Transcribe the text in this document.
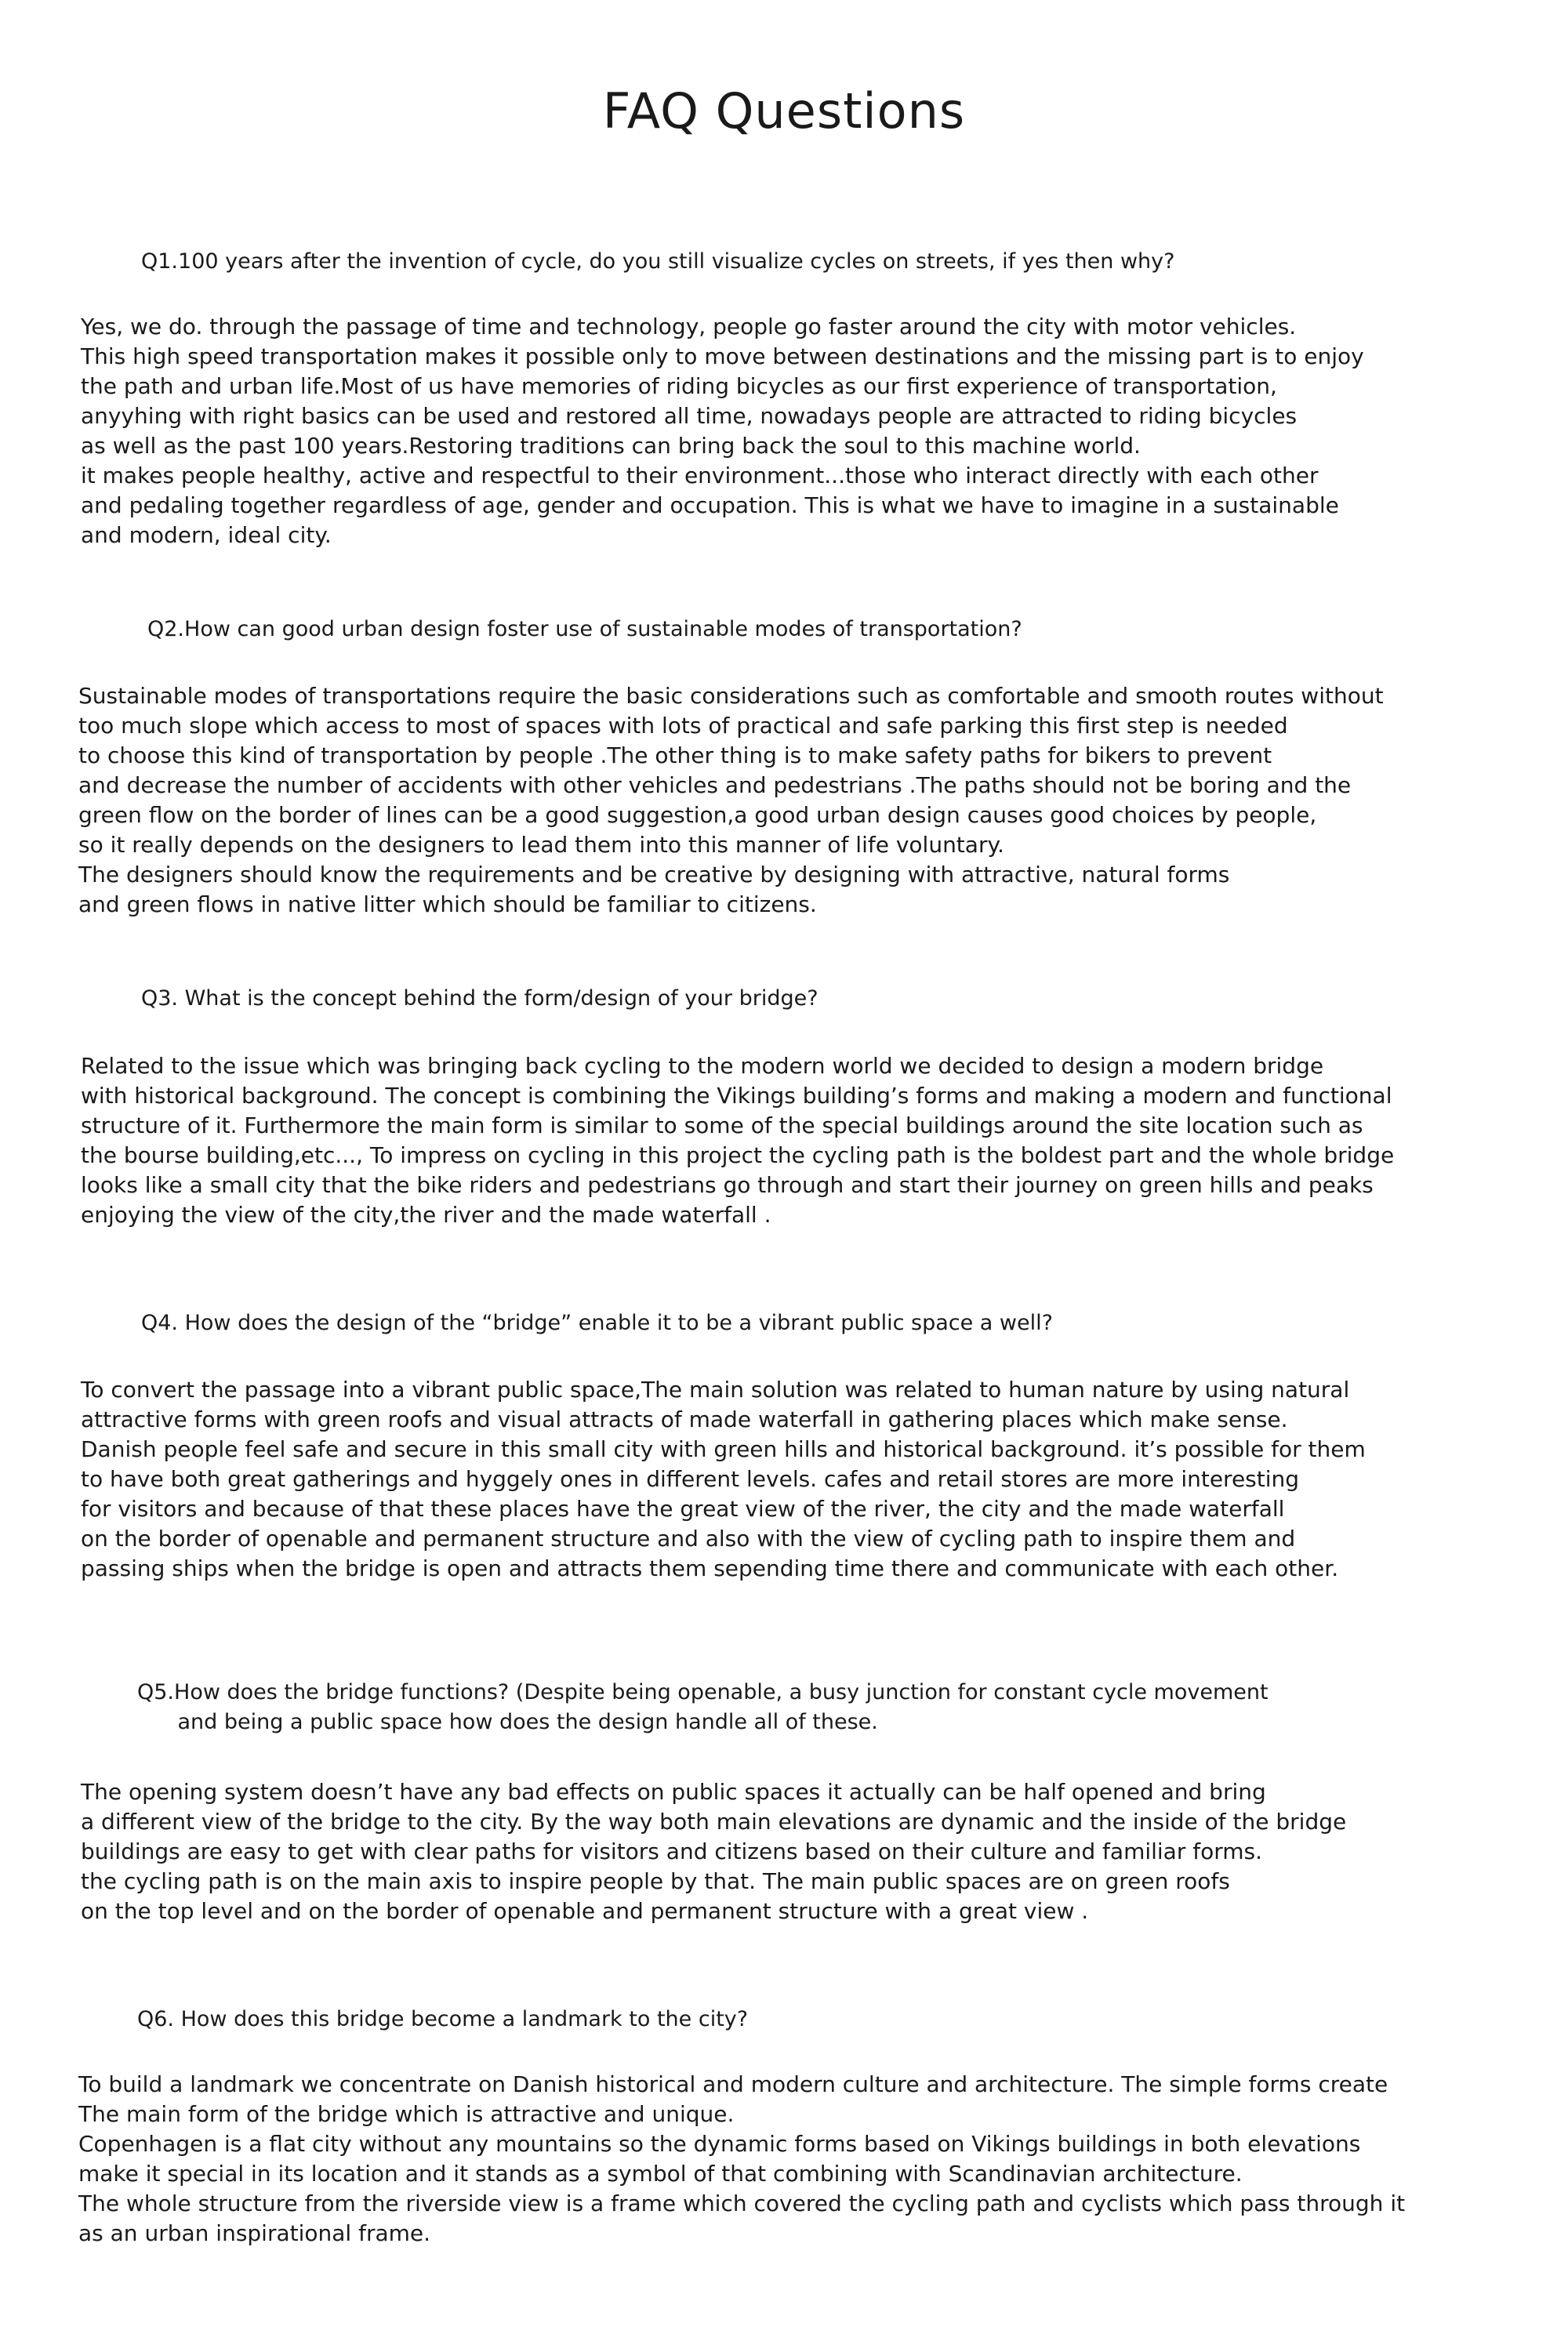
FAQ Questions
Q1.100 years after the invention of cycle, do you still visualize cycles on streets, if yes then why?
Yes, we do. through the passage of time and technology, people go faster around the city with motor vehicles.
This high speed transportation makes it possible only to move between destinations and the missing part is to enjoy
the path and urban life.Most of us have memories of riding bicycles as our first experience of transportation,
anyyhing with right basics can be used and restored all time, nowadays people are attracted to riding bicycles
as well as the past 100 years.Restoring traditions can bring back the soul to this machine world.
it makes people healthy, active and respectful to their environment...those who interact directly with each other
and pedaling together regardless of age, gender and occupation. This is what we have to imagine in a sustainable
and modern, ideal city.
Q2.How can good urban design foster use of sustainable modes of transportation?
Sustainable modes of transportations require the basic considerations such as comfortable and smooth routes without
too much slope which access to most of spaces with lots of practical and safe parking this first step is needed
to choose this kind of transportation by people .The other thing is to make safety paths for bikers to prevent
and decrease the number of accidents with other vehicles and pedestrians .The paths should not be boring and the
green flow on the border of lines can be a good suggestion,a good urban design causes good choices by people,
so it really depends on the designers to lead them into this manner of life voluntary.
The designers should know the requirements and be creative by designing with attractive, natural forms
and green flows in native litter which should be familiar to citizens.
Q3. What is the concept behind the form/design of your bridge?
Related to the issue which was bringing back cycling to the modern world we decided to design a modern bridge
with historical background. The concept is combining the Vikings building’s forms and making a modern and functional
structure of it. Furthermore the main form is similar to some of the special buildings around the site location such as
the bourse building,etc..., To impress on cycling in this project the cycling path is the boldest part and the whole bridge
looks like a small city that the bike riders and pedestrians go through and start their journey on green hills and peaks
enjoying the view of the city,the river and the made waterfall .
Q4. How does the design of the “bridge” enable it to be a vibrant public space a well?
To convert the passage into a vibrant public space,The main solution was related to human nature by using natural
attractive forms with green roofs and visual attracts of made waterfall in gathering places which make sense.
Danish people feel safe and secure in this small city with green hills and historical background. it’s possible for them
to have both great gatherings and hyggely ones in different levels. cafes and retail stores are more interesting
for visitors and because of that these places have the great view of the river, the city and the made waterfall
on the border of openable and permanent structure and also with the view of cycling path to inspire them and
passing ships when the bridge is open and attracts them sepending time there and communicate with each other.
Q5.How does the bridge functions? (Despite being openable, a busy junction for constant cycle movement
and being a public space how does the design handle all of these.
The opening system doesn’t have any bad effects on public spaces it actually can be half opened and bring
a different view of the bridge to the city. By the way both main elevations are dynamic and the inside of the bridge
buildings are easy to get with clear paths for visitors and citizens based on their culture and familiar forms.
the cycling path is on the main axis to inspire people by that. The main public spaces are on green roofs
on the top level and on the border of openable and permanent structure with a great view .
Q6. How does this bridge become a landmark to the city?
To build a landmark we concentrate on Danish historical and modern culture and architecture. The simple forms create
The main form of the bridge which is attractive and unique.
Copenhagen is a flat city without any mountains so the dynamic forms based on Vikings buildings in both elevations
make it special in its location and it stands as a symbol of that combining with Scandinavian architecture.
The whole structure from the riverside view is a frame which covered the cycling path and cyclists which pass through it
as an urban inspirational frame.
